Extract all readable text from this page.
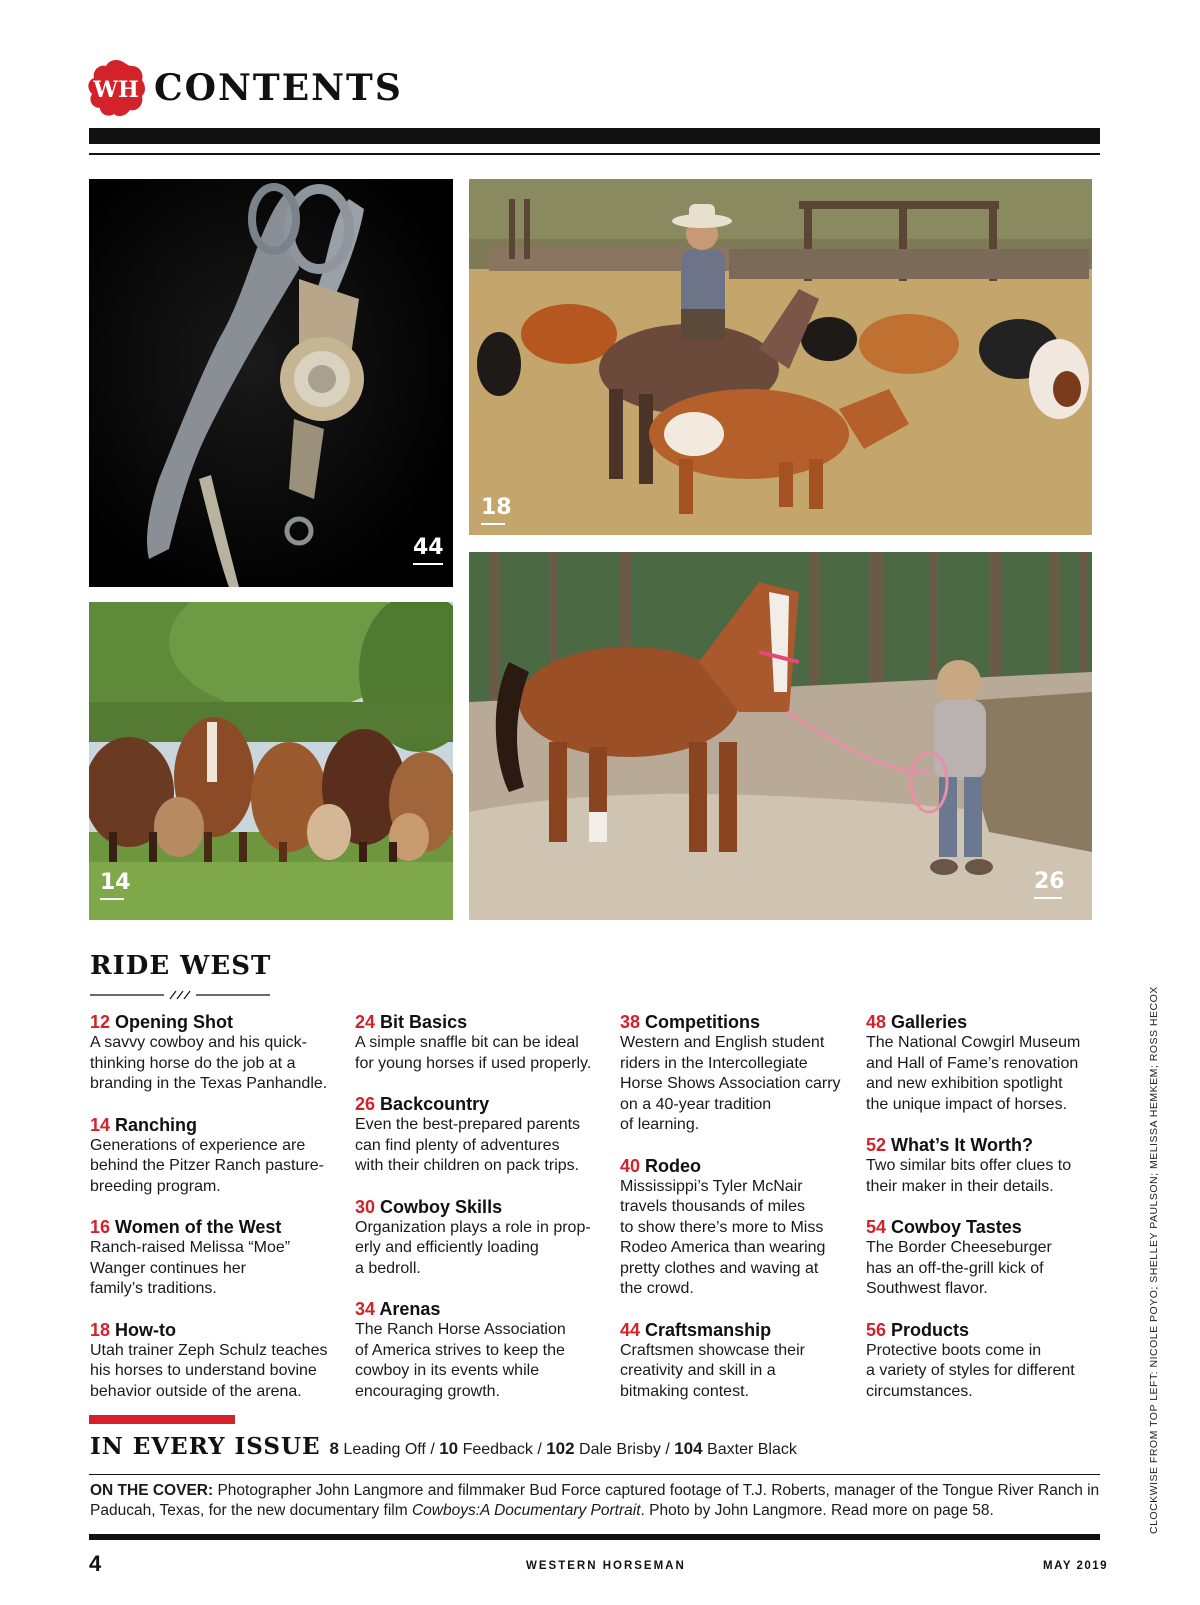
WH CONTENTS
44
18
14	26
RIDE WEST
12 Opening Shot
A savvy cowboy and his quick-
thinking horse do the job at a
branding in the Texas Panhandle.
14 Ranching
Generations of experience are
behind the Pitzer Ranch pasture-
breeding program.
16 Women of the West
Ranch-raised Melissa “Moe”
Wanger continues her
family’s traditions.
18 How-to
Utah trainer Zeph Schulz teaches
his horses to understand bovine
behavior outside of the arena.
24 Bit Basics
A simple snaffle bit can be ideal
for young horses if used properly.
26 Backcountry
Even the best-prepared parents
can find plenty of adventures
with their children on pack trips.
30 Cowboy Skills
Organization plays a role in prop-
erly and efficiently loading
a bedroll.
34 Arenas
The Ranch Horse Association
of America strives to keep the
cowboy in its events while
encouraging growth.
38 Competitions
Western and English student
riders in the Intercollegiate
Horse Shows Association carry
on a 40-year tradition
of learning.
40 Rodeo
Mississippi’s Tyler McNair
travels thousands of miles
to show there’s more to Miss
Rodeo America than wearing
pretty clothes and waving at
the crowd.
44 Craftsmanship
Craftsmen showcase their
creativity and skill in a
bitmaking contest.
48 Galleries
The National Cowgirl Museum
and Hall of Fame’s renovation
and new exhibition spotlight
the unique impact of horses.
52 What’s It Worth?
Two similar bits offer clues to
their maker in their details.
54 Cowboy Tastes
The Border Cheeseburger
has an off-the-grill kick of
Southwest flavor.
56 Products
Protective boots come in
a variety of styles for different
circumstances.
IN EVERY ISSUE 8 Leading Off / 10 Feedback / 102 Dale Brisby / 104 Baxter Black
ON THE COVER: Photographer John Langmore and filmmaker Bud Force captured footage of T.J. Roberts, manager of the Tongue River Ranch in Paducah, Texas, for the new documentary film Cowboys:A Documentary Portrait. Photo by John Langmore. Read more on page 58.
4	WESTERN HORSEMAN	MAY 2019
CLOCKWISE FROM TOP LEFT: NICOLE POYO; SHELLEY PAULSON; MELISSA HEMKEM; ROSS HECOX
